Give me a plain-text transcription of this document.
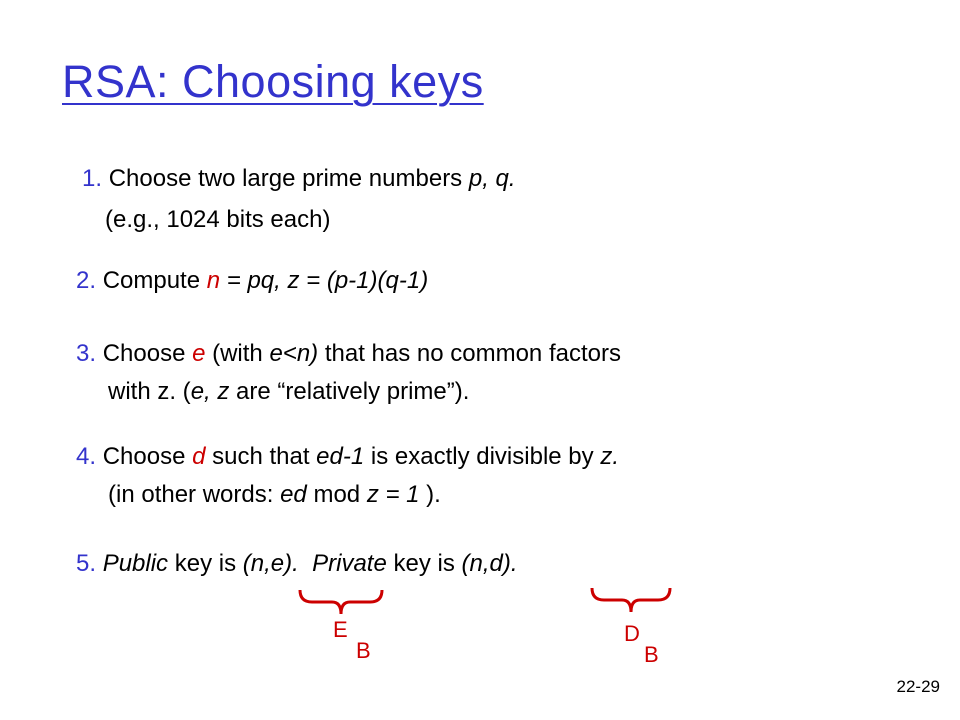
RSA: Choosing keys
1. Choose two large prime numbers p, q.
(e.g., 1024 bits each)
2. Compute n = pq, z = (p-1)(q-1)
3. Choose e (with e<n) that has no common factors
with z. (e, z are “relatively prime”).
4. Choose d such that ed-1 is exactly divisible by z.
(in other words: ed mod z = 1 ).
5. Public key is (n,e). Private key is (n,d).
E
B
D
B
22-29
